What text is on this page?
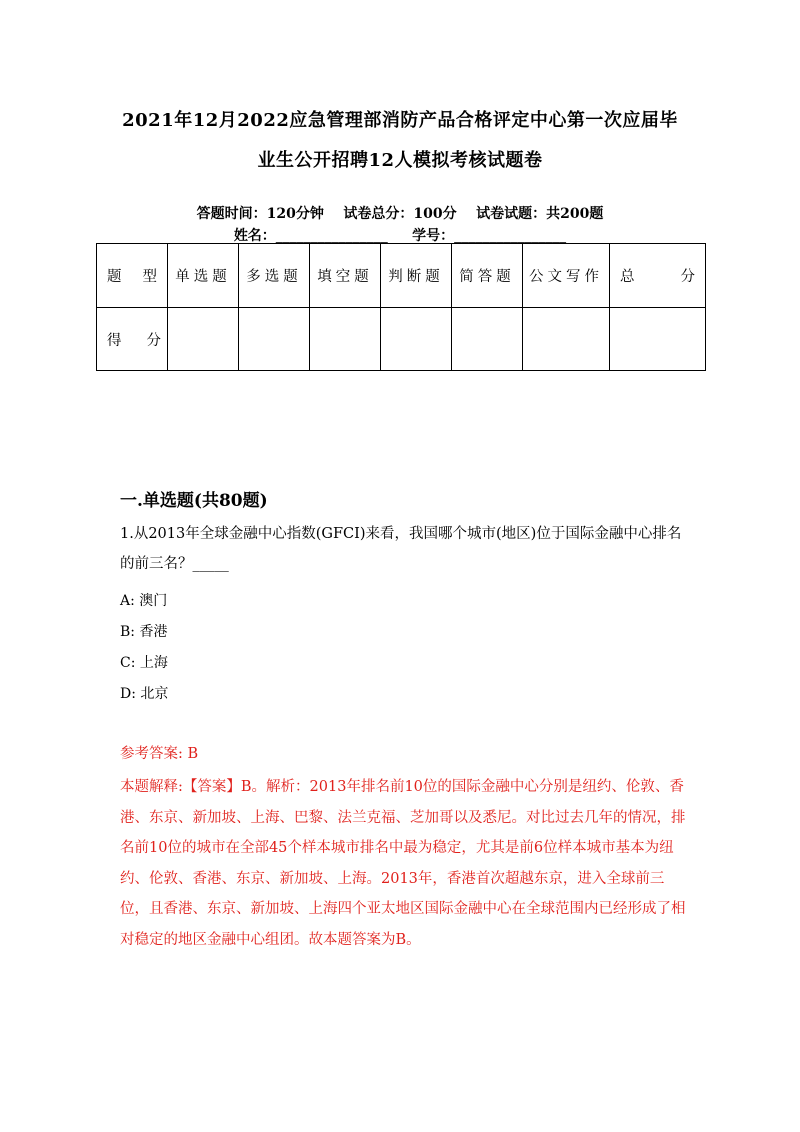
2021年12月2022应急管理部消防产品合格评定中心第一次应届毕
业生公开招聘12人模拟考核试题卷
答题时间：120分钟    试卷总分：100分    试卷试题：共200题
姓名：________________     学号：________________
题 型	单选题	多选题	填空题	判断题	简答题	公文写作	总 分

得 分							

一.单选题(共80题)
1.从2013年全球金融中心指数(GFCI)来看，我国哪个城市(地区)位于国际金融中心排名的前三名？_____
A: 澳门
B: 香港
C: 上海
D: 北京
参考答案: B
本题解释:【答案】B。解析：2013年排名前10位的国际金融中心分别是纽约、伦敦、香港、东京、新加坡、上海、巴黎、法兰克福、芝加哥以及悉尼。对比过去几年的情况，排名前10位的城市在全部45个样本城市排名中最为稳定，尤其是前6位样本城市基本为纽约、伦敦、香港、东京、新加坡、上海。2013年，香港首次超越东京，进入全球前三位，且香港、东京、新加坡、上海四个亚太地区国际金融中心在全球范围内已经形成了相对稳定的地区金融中心组团。故本题答案为B。
